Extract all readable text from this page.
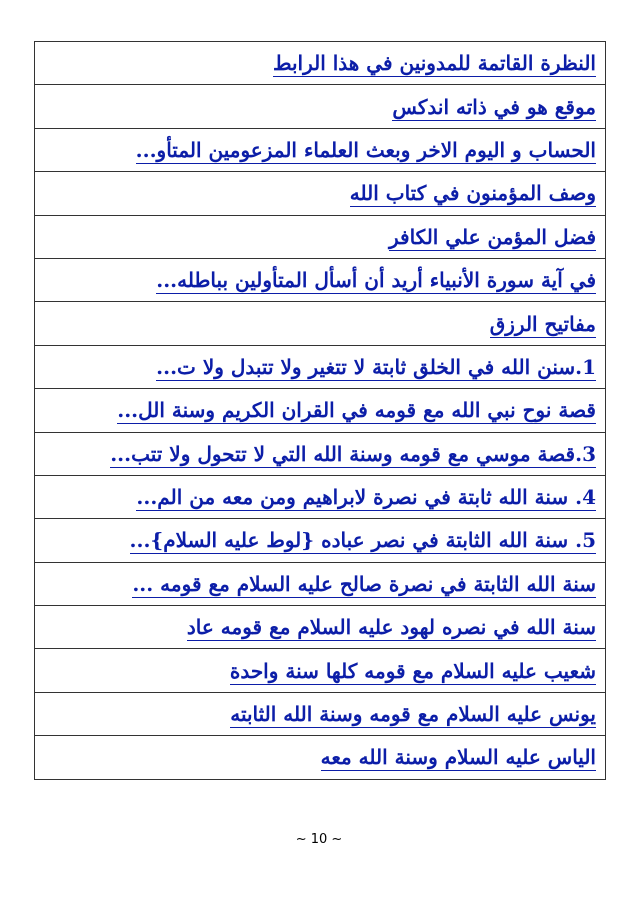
النظرة القاتمة للمدونين في هذا الرابط
موقع هو في ذاته اندكس
الحساب و اليوم الاخر وبعث العلماء المزعومين المتأو...
وصف المؤمنون في كتاب الله
فضل المؤمن علي الكافر
في آية سورة الأنبياء أريد أن أسأل المتأولين بباطله...
مفاتيح الرزق
1.سنن الله في الخلق ثابتة لا تتغير ولا تتبدل ولا ت...
قصة نوح نبي الله مع قومه في القران الكريم وسنة الل...
3.قصة موسي مع قومه وسنة الله التي لا تتحول ولا تتب...
4. سنة الله ثابتة في نصرة لابراهيم ومن معه من الم...
5. سنة الله الثابتة في نصر عباده {لوط عليه السلام}...
سنة الله الثابتة في نصرة صالح عليه السلام مع قومه ...
سنة الله في نصره لهود عليه السلام مع قومه عاد
شعيب عليه السلام مع قومه كلها سنة واحدة
يونس عليه السلام مع قومه وسنة الله الثابته
الياس عليه السلام وسنة الله معه
~ 10 ~
